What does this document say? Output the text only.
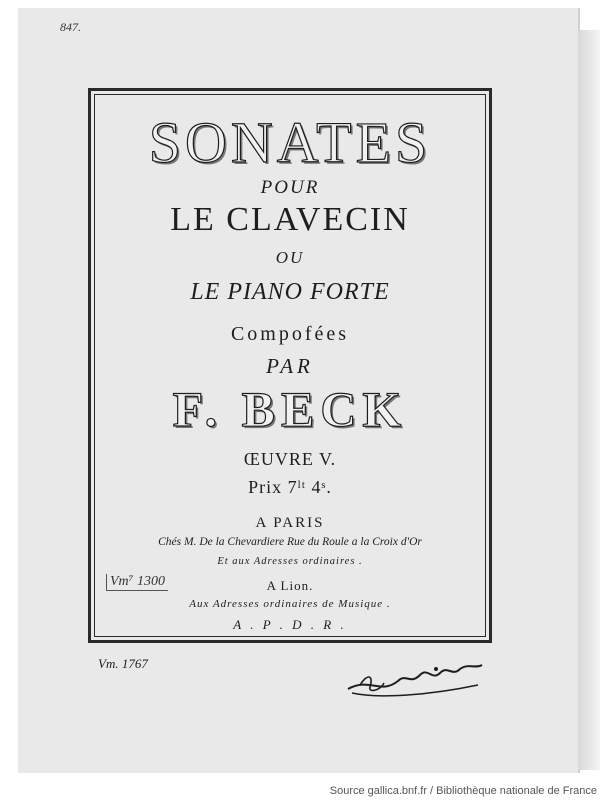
847.
SONATES
POUR
LE CLAVECIN
OU
LE PIANO FORTE
Compofées
PAR
F. BECK
ŒUVRE V.
Prix 7ˡᵗ 4ˢ.
A PARIS
Chés M. De la Chevardiere Rue du Roule a la Croix d'Or
Et aux Adresses ordinaires .
A Lion.
Aux Adresses ordinaires de Musique .
A . P . D . R .
Vm⁷ 1300
Vm. 1767
Source gallica.bnf.fr / Bibliothèque nationale de France
